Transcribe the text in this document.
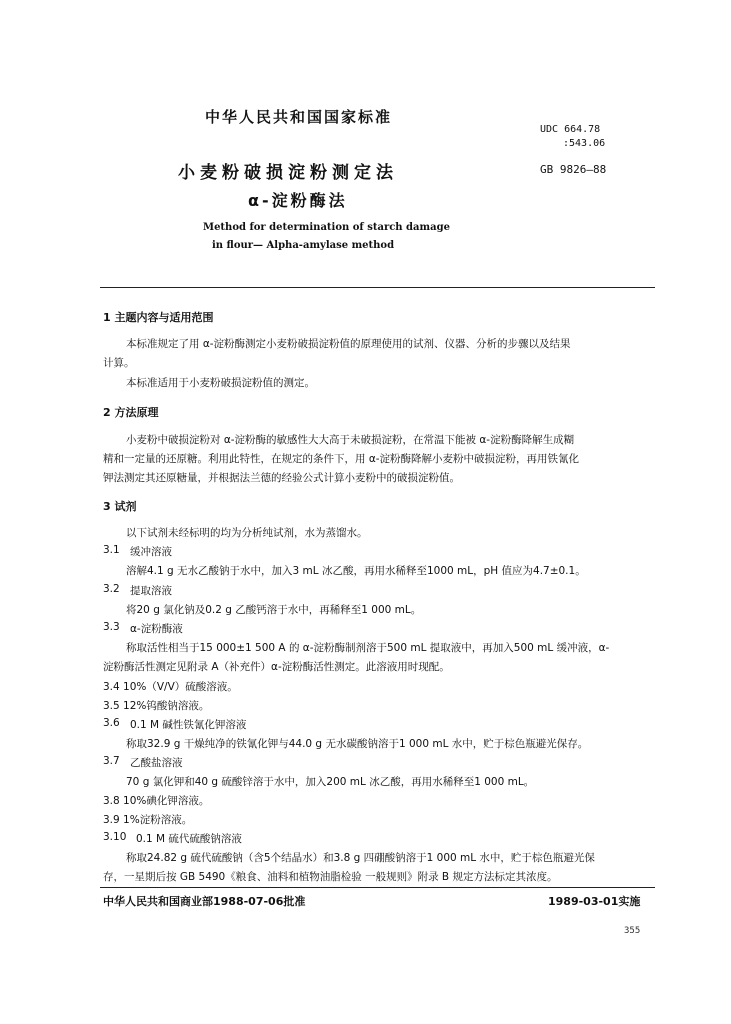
中华人民共和国国家标准
UDC 664.78
:543.06
小麦粉破损淀粉测定法	GB 9826—88
α-淀粉酶法
Method for determination of starch damage
in flour— Alpha-amylase method
1 主题内容与适用范围
本标准规定了用 α-淀粉酶测定小麦粉破损淀粉值的原理使用的试剂、仪器、分析的步骤以及结果
计算。
本标准适用于小麦粉破损淀粉值的测定。
2 方法原理
小麦粉中破损淀粉对 α-淀粉酶的敏感性大大高于未破损淀粉，在常温下能被 α-淀粉酶降解生成糊
精和一定量的还原糖。利用此特性，在规定的条件下，用 α-淀粉酶降解小麦粉中破损淀粉，再用铁氰化
钾法测定其还原糖量，并根据法兰德的经验公式计算小麦粉中的破损淀粉值。
3 试剂
以下试剂未经标明的均为分析纯试剂，水为蒸馏水。
3.1 缓冲溶液
溶解4.1 g 无水乙酸钠于水中，加入3 mL 冰乙酸，再用水稀释至1000 mL，pH 值应为4.7±0.1。
3.2 提取溶液
将20 g 氯化钠及0.2 g 乙酸钙溶于水中，再稀释至1 000 mL。
3.3 α-淀粉酶液
称取活性相当于15 000±1 500 A 的 α-淀粉酶制剂溶于500 mL 提取液中，再加入500 mL 缓冲液，α-
淀粉酶活性测定见附录 A（补充件）α-淀粉酶活性测定。此溶液用时现配。
3.4 10%（V/V）硫酸溶液。
3.5 12%钨酸钠溶液。
3.6 0.1 M 碱性铁氰化钾溶液
称取32.9 g 干燥纯净的铁氰化钾与44.0 g 无水碳酸钠溶于1 000 mL 水中，贮于棕色瓶避光保存。
3.7 乙酸盐溶液
70 g 氯化钾和40 g 硫酸锌溶于水中，加入200 mL 冰乙酸，再用水稀释至1 000 mL。
3.8 10%碘化钾溶液。
3.9 1%淀粉溶液。
3.10 0.1 M 硫代硫酸钠溶液
称取24.82 g 硫代硫酸钠（含5个结晶水）和3.8 g 四硼酸钠溶于1 000 mL 水中，贮于棕色瓶避光保
存，一星期后按 GB 5490《粮食、油料和植物油脂检验 一般规则》附录 B 规定方法标定其浓度。
中华人民共和国商业部1988-07-06批准	1989-03-01实施
355
